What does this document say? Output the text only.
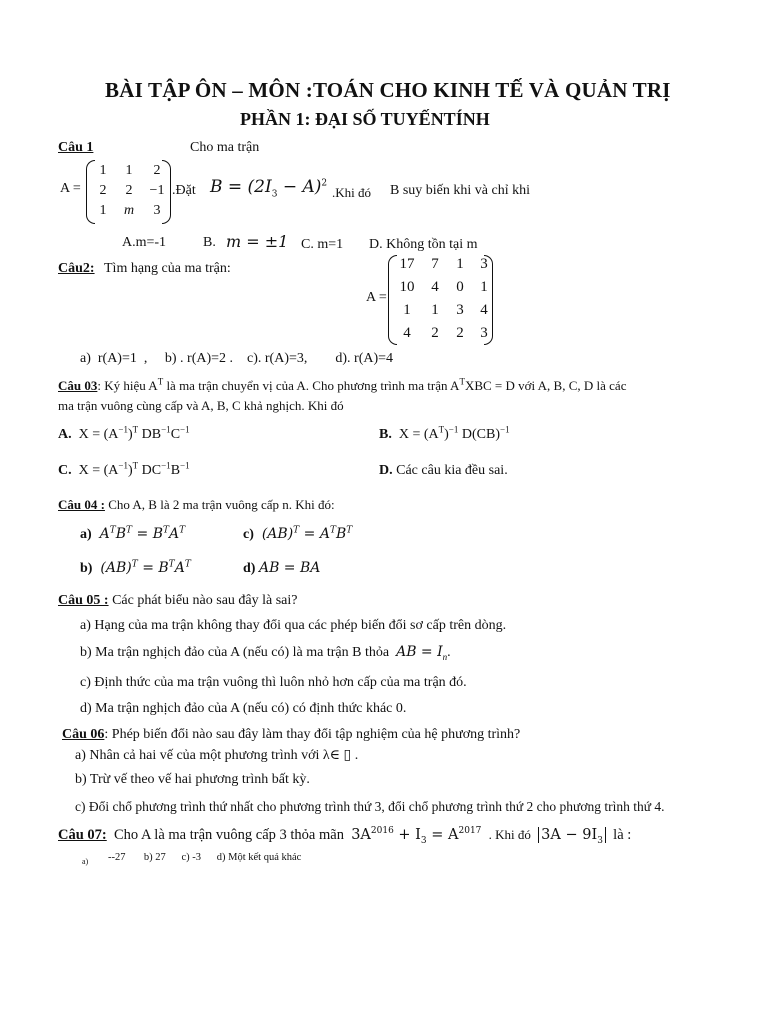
BÀI TẬP ÔN – MÔN :TOÁN CHO KINH TẾ VÀ QUẢN TRỊ
PHẦN 1: ĐẠI SỐ TUYẾNTÍNH
Câu 1	Cho ma trận
A =
1	1	2
2	2	−1
1	m	3
.Đặt $B = (2I_3 - A)^2$
.Khi đó B suy biến khi và chỉ khi
A.m=-1	B. m = ±1 C. m=1 D. Không tồn tại m
Câu2: Tìm hạng của ma trận:
A =
17	7	1	3
10	4	0	1
1	1	3	4
4	2	2	3
a)  r(A)=1  ,     b) . r(A)=2 .    c). r(A)=3,        d). r(A)=4
Câu 03: Ký hiệu $A^T$ là ma trận chuyển vị của A. Cho phương trình ma trận $A^TXBC = D$ với A, B, C, D là các
ma trận vuông cùng cấp và A, B, C khả nghịch. Khi đó
A.  $X = (A^{-1})^T$ $DB^{-1}C^{-1}$	B.  $X = (A^T)^{-1}$ D(CB)$^{-1}$
C.  $X = (A^{-1})^T$ $DC^{-1}B^{-1}$	D. Các câu kia đều sai.
Câu 04 : Cho A, B là 2 ma trận vuông cấp n. Khi đó:
a)  $A^TB^T = B^TA^T$	c)  $(AB)^T = A^TB^T$
b)  $(AB)^T = B^TA^T$	d) AB = BA
Câu 05 : Các phát biểu nào sau đây là sai?
a) Hạng của ma trận không thay đổi qua các phép biến đổi sơ cấp trên dòng.
b) Ma trận nghịch đảo của A (nếu có) là ma trận B thỏa AB = $I_n$.
c) Định thức của ma trận vuông thì luôn nhỏ hơn cấp của ma trận đó.
d) Ma trận nghịch đảo của A (nếu có) có định thức khác 0.
Câu 06: Phép biến đổi nào sau đây làm thay đổi tập nghiệm của hệ phương trình?
a) Nhân cả hai vế của một phương trình với λ∈ ▯ .
b) Trừ vế theo vế hai phương trình bất kỳ.
c) Đổi chổ phương trình thứ nhất cho phương trình thứ 3, đổi chổ phương trình thứ 2 cho phương trình thứ 4.
Câu 07: Cho A là ma trận vuông cấp 3 thỏa mãn $3A^{2016} + I_3 = A^{2017}$ . Khi đó $3A - 9I_3$ là :
a) --27       b) 27      c) -3      d) Một kết quả khác
